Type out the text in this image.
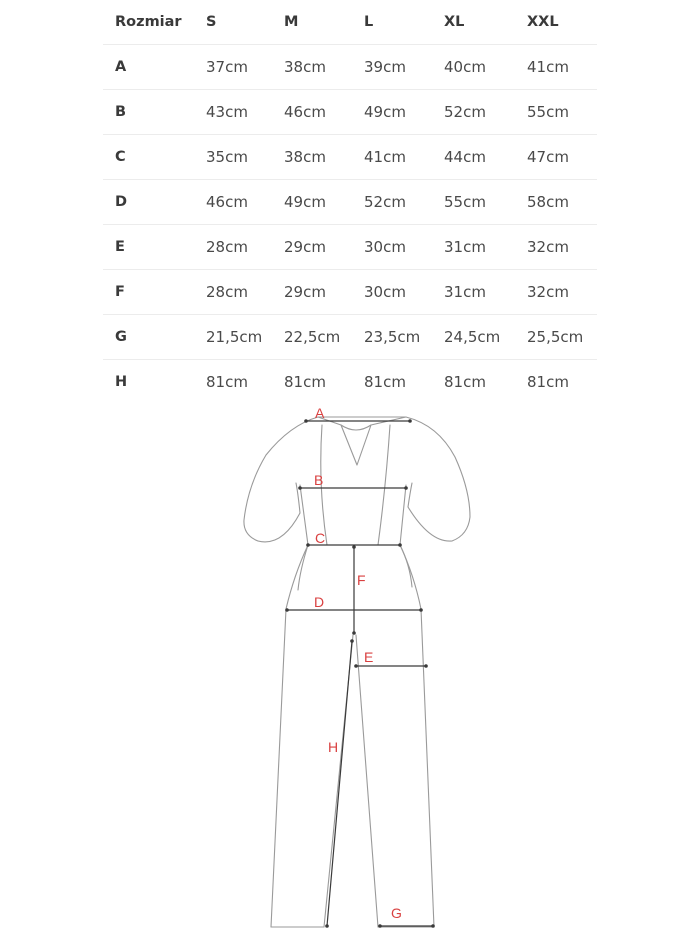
Rozmiar S	M	L	XL	XXL
A	37cm 38cm	39cm	40cm	41cm
B	43cm 46cm	49cm	52cm	55cm
C	35cm 38cm	41cm	44cm	47cm
D	46cm 49cm	52cm	55cm	58cm
E	28cm 29cm	30cm	31cm	32cm
F	28cm 29cm	30cm	31cm	32cm
G	21,5cm 22,5cm 23,5cm 24,5cm 25,5cm
H	81cm 81cm	81cm	81cm	81cm
A
B
C
D
E
F
H
G
